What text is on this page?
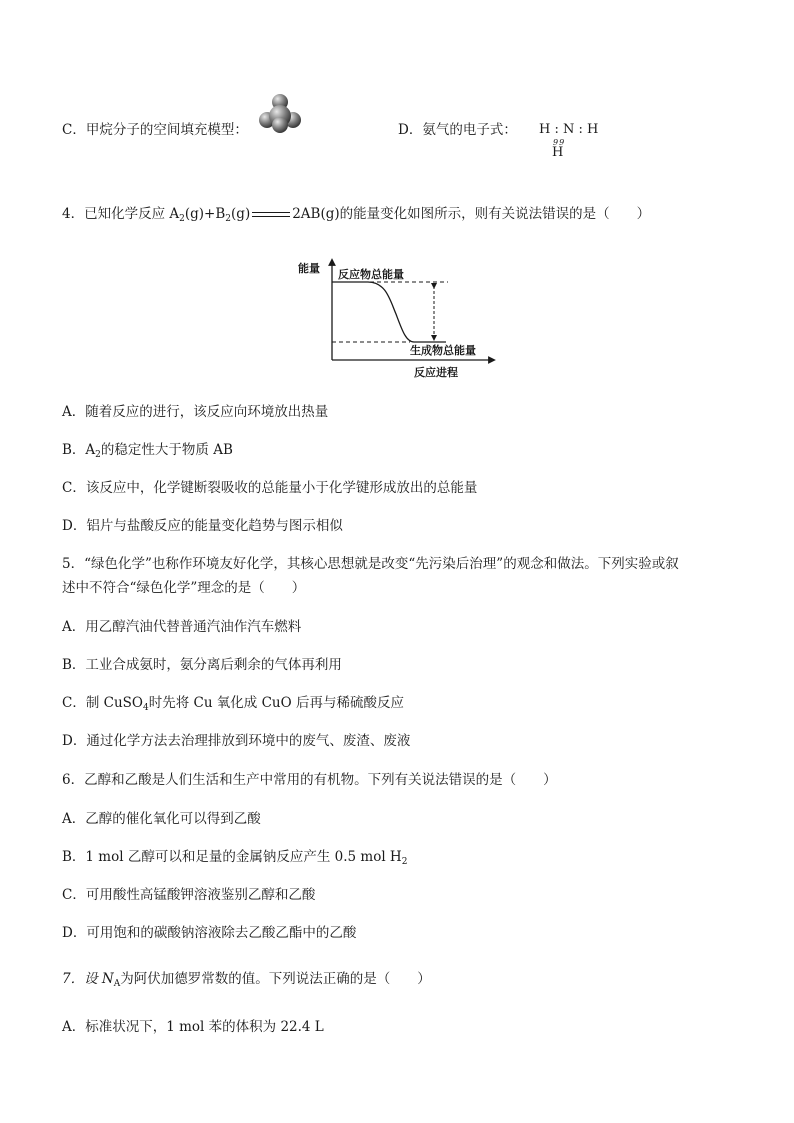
C．甲烷分子的空间填充模型：	D．氨气的电子式： H : N : H
99
H
4．已知化学反应 $A_2(g)+B_2(g)$	2AB(g)的能量变化如图所示，则有关说法错误的是（　　）
能量
反应进程
反应物总能量
生成物总能量
A．随着反应的进行，该反应向环境放出热量
B．$A_2$的稳定性大于物质 AB
C．该反应中，化学键断裂吸收的总能量小于化学键形成放出的总能量
D．铝片与盐酸反应的能量变化趋势与图示相似
5．“绿色化学”也称作环境友好化学，其核心思想就是改变“先污染后治理”的观念和做法。下列实验或叙
述中不符合“绿色化学”理念的是（　　）
A．用乙醇汽油代替普通汽油作汽车燃料
B．工业合成氨时，氨分离后剩余的气体再利用
C．制 CuSO$_4$时先将 Cu 氧化成 CuO 后再与稀硫酸反应
D．通过化学方法去治理排放到环境中的废气、废渣、废液
6．乙醇和乙酸是人们生活和生产中常用的有机物。下列有关说法错误的是（　　）
A．乙醇的催化氧化可以得到乙酸
B．1 mol 乙醇可以和足量的金属钠反应产生 0.5 mol $H_2$
C．可用酸性高锰酸钾溶液鉴别乙醇和乙酸
D．可用饱和的碳酸钠溶液除去乙酸乙酯中的乙酸
7．设 $N_A$为阿伏加德罗常数的值。下列说法正确的是（　　）
A．标准状况下，1 mol 苯的体积为 22.4 L
